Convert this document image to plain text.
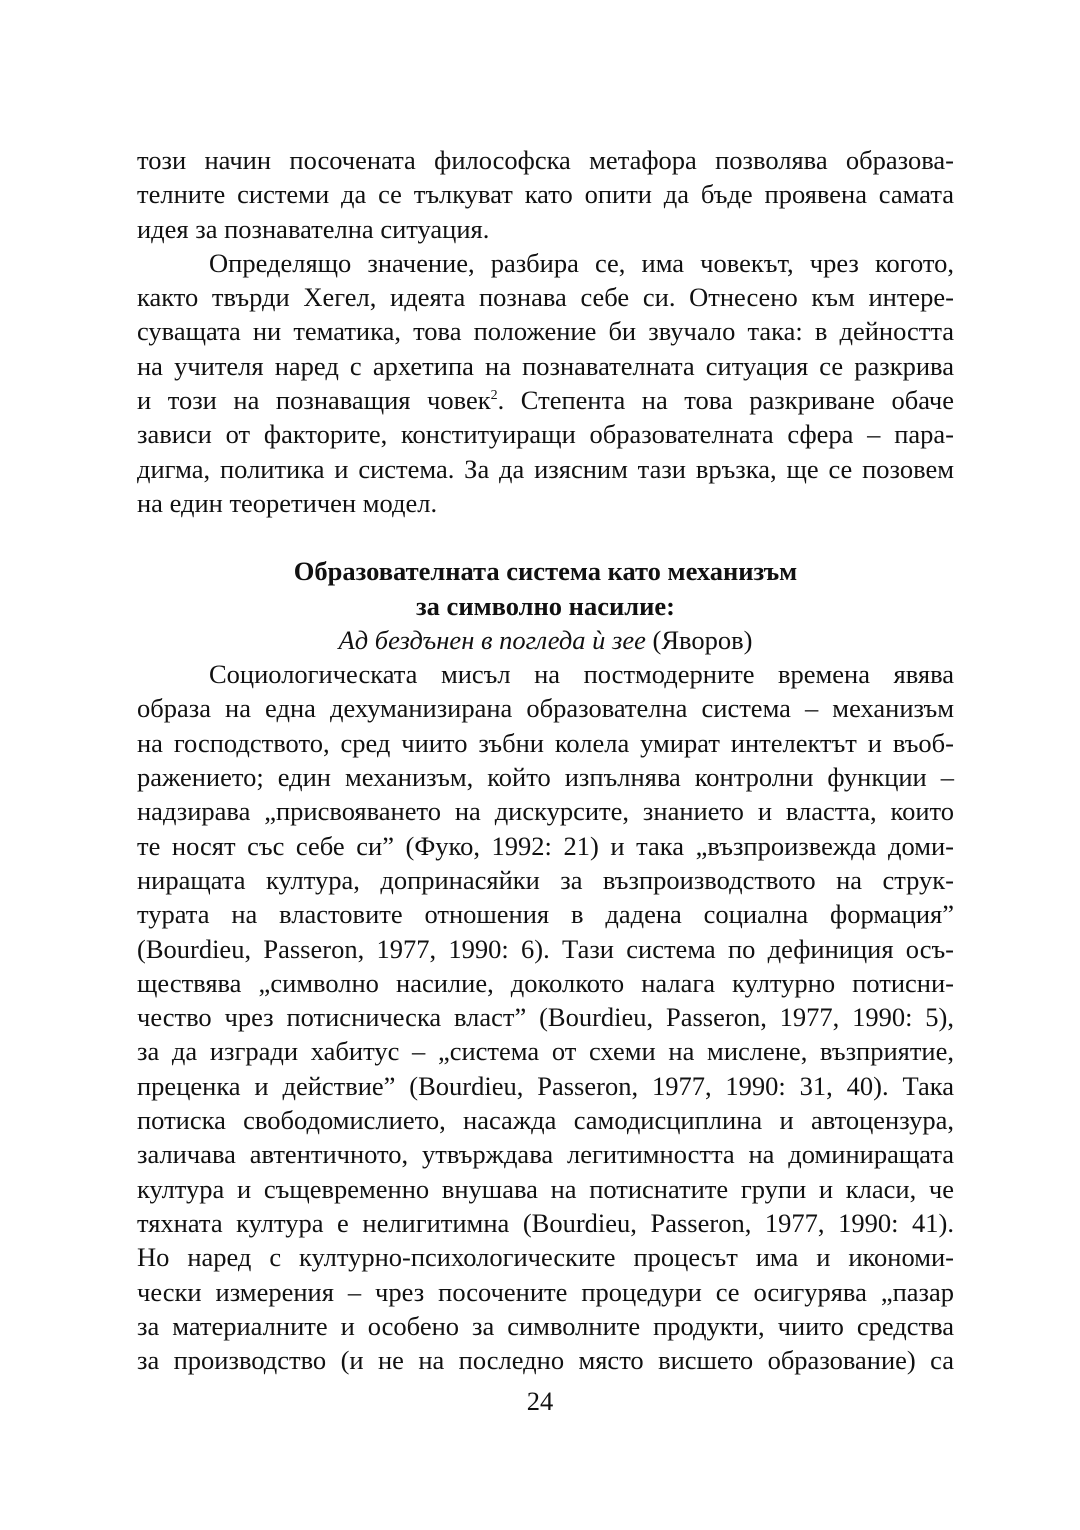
този начин посочената философска метафора позволява образова-
телните системи да се тълкуват като опити да бъде проявена самата
идея за познавателна ситуация.

Определящо значение, разбира се, има човекът, чрез когото,
както твърди Хегел, идеята познава себе си. Отнесено към интере-
суващата ни тематика, това положение би звучало така: в дейността
на учителя наред с архетипа на познавателната ситуация се разкрива
и този на познаващия човек$^2$. Степента на това разкриване обаче
зависи от факторите, конституиращи образователната сфера – пара-
дигма, политика и система. За да изясним тази връзка, ще се позовем
на един теоретичен модел.

Образователната система като механизъм
за символно насилие:
Ад бездънен в погледа ѝ зее (Яворов)

Социологическата мисъл на постмодерните времена явява
образа на една дехуманизирана образователна система – механизъм
на господството, сред чиито зъбни колела умират интелектът и въоб-
ражението; един механизъм, който изпълнява контролни функции –
надзирава „присвояването на дискурсите, знанието и властта, които
те носят със себе си” (Фуко, 1992: 21) и така „възпроизвежда доми-
ниращата култура, допринасяйки за възпроизводството на струк-
турата на властовите отношения в дадена социална формация”
(Bourdieu, Passeron, 1977, 1990: 6). Тази система по дефиниция осъ-
ществява „символно насилие, доколкото налага културно потисни-
чество чрез потисническа власт” (Bourdieu, Passeron, 1977, 1990: 5),
за да изгради хабитус – „система от схеми на мислене, възприятие,
преценка и действие” (Bourdieu, Passeron, 1977, 1990: 31, 40). Така
потиска свободомислието, насажда самодисциплина и автоцензура,
заличава автентичното, утвърждава легитимността на доминиращата
култура и същевременно внушава на потиснатите групи и класи, че
тяхната култура е нелигитимна (Bourdieu, Passeron, 1977, 1990: 41).
Но наред с културно-психологическите процесът има и икономи-
чески измерения – чрез посочените процедури се осигурява „пазар
за материалните и особено за символните продукти, чиито средства
за производство (и не на последно място висшето образование) са

24
